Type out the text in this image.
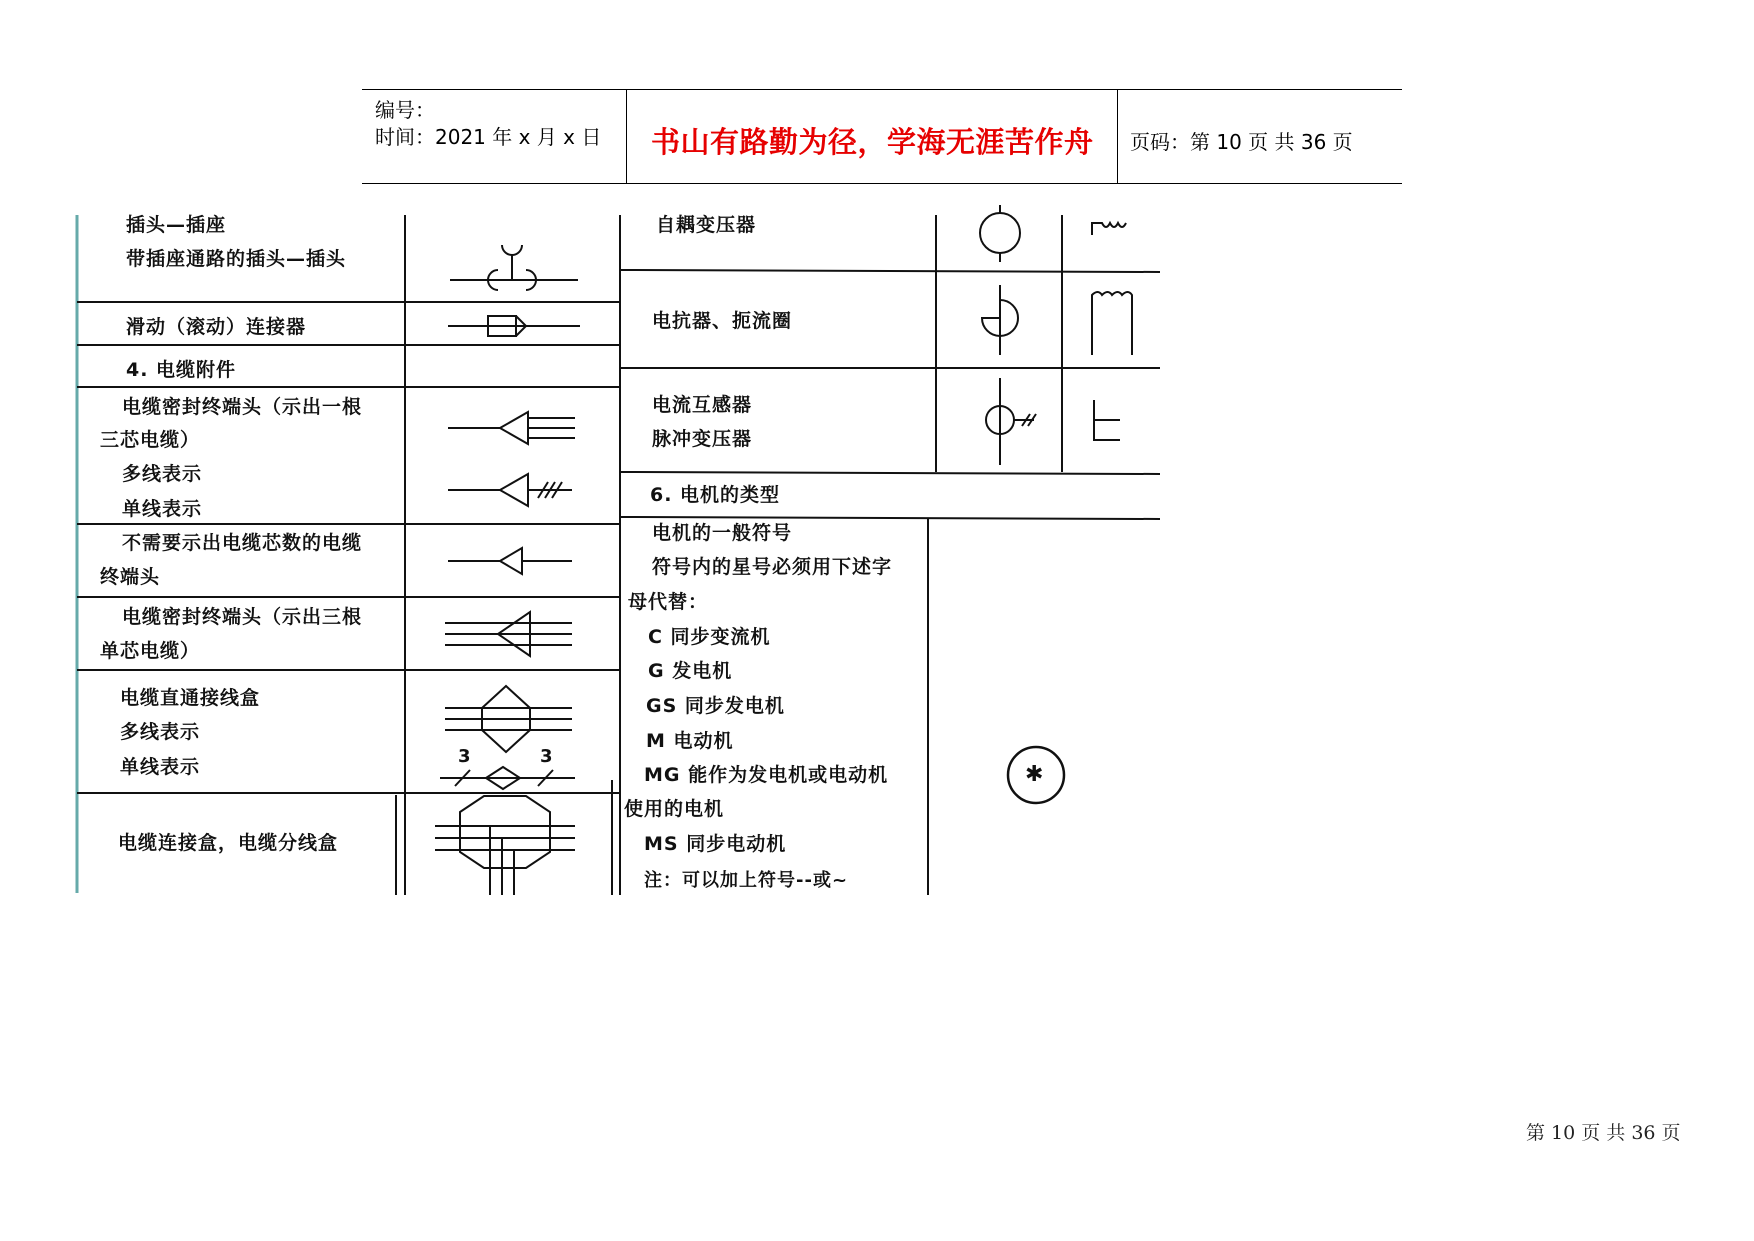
编号：
时间：2021 年 x 月 x 日 书山有路勤为径，学海无涯苦作舟 页码：第 10 页 共 36 页
插头—插座
带插座通路的插头—插头
滑动（滚动）连接器
4. 电缆附件
电缆密封终端头（示出一根
三芯电缆）
多线表示
单线表示
不需要示出电缆芯数的电缆
终端头
电缆密封终端头（示出三根
单芯电缆）
电缆直通接线盒
多线表示
单线表示	3	3
电缆连接盒，电缆分线盒
自耦变压器
电抗器、扼流圈
电流互感器
脉冲变压器
6. 电机的类型
电机的一般符号
符号内的星号必须用下述字
母代替：
C 同步变流机
G 发电机
GS 同步发电机
M 电动机
MG 能作为发电机或电动机
使用的电机
MS 同步电动机
注：可以加上符号--或~
✱
第 10 页 共 36 页
